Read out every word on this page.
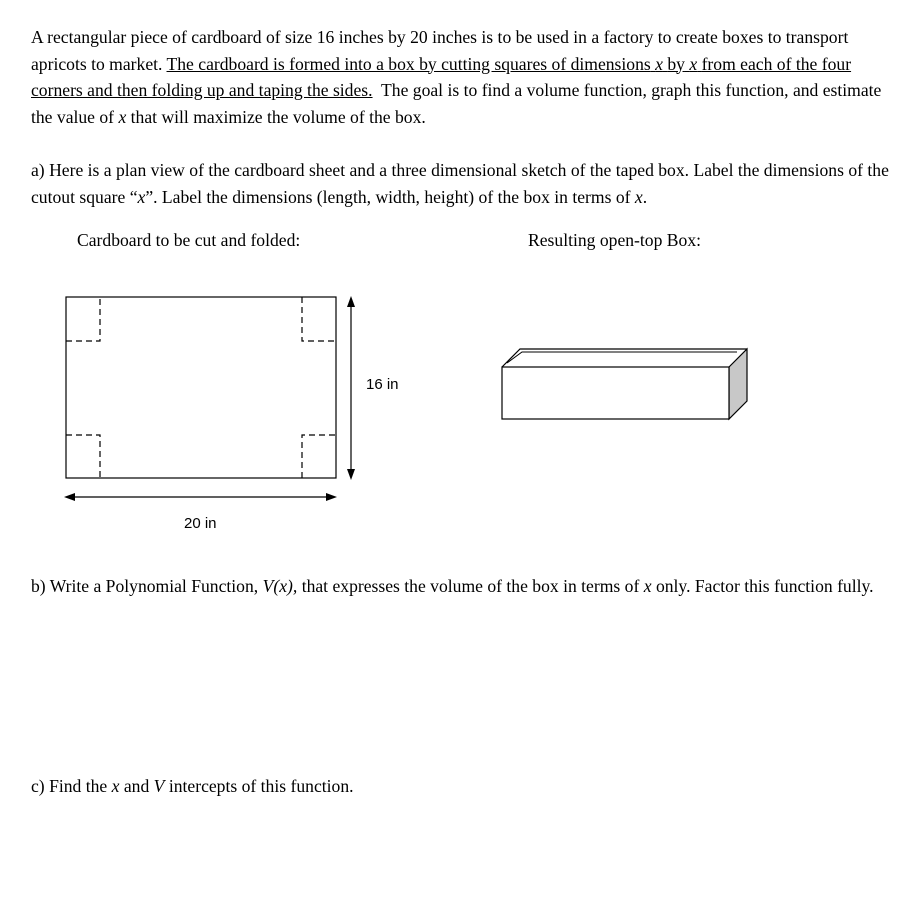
A rectangular piece of cardboard of size 16 inches by 20 inches is to be used in a factory to create boxes to transport apricots to market. The cardboard is formed into a box by cutting squares of dimensions x by x from each of the four corners and then folding up and taping the sides. The goal is to find a volume function, graph this function, and estimate the value of x that will maximize the volume of the box.
a) Here is a plan view of the cardboard sheet and a three dimensional sketch of the taped box. Label the dimensions of the cutout square “x”. Label the dimensions (length, width, height) of the box in terms of x.
Cardboard to be cut and folded:	Resulting open-top Box:
16 in
20 in
b) Write a Polynomial Function, V(x), that expresses the volume of the box in terms of x only. Factor this function fully.
c) Find the x and V intercepts of this function.
